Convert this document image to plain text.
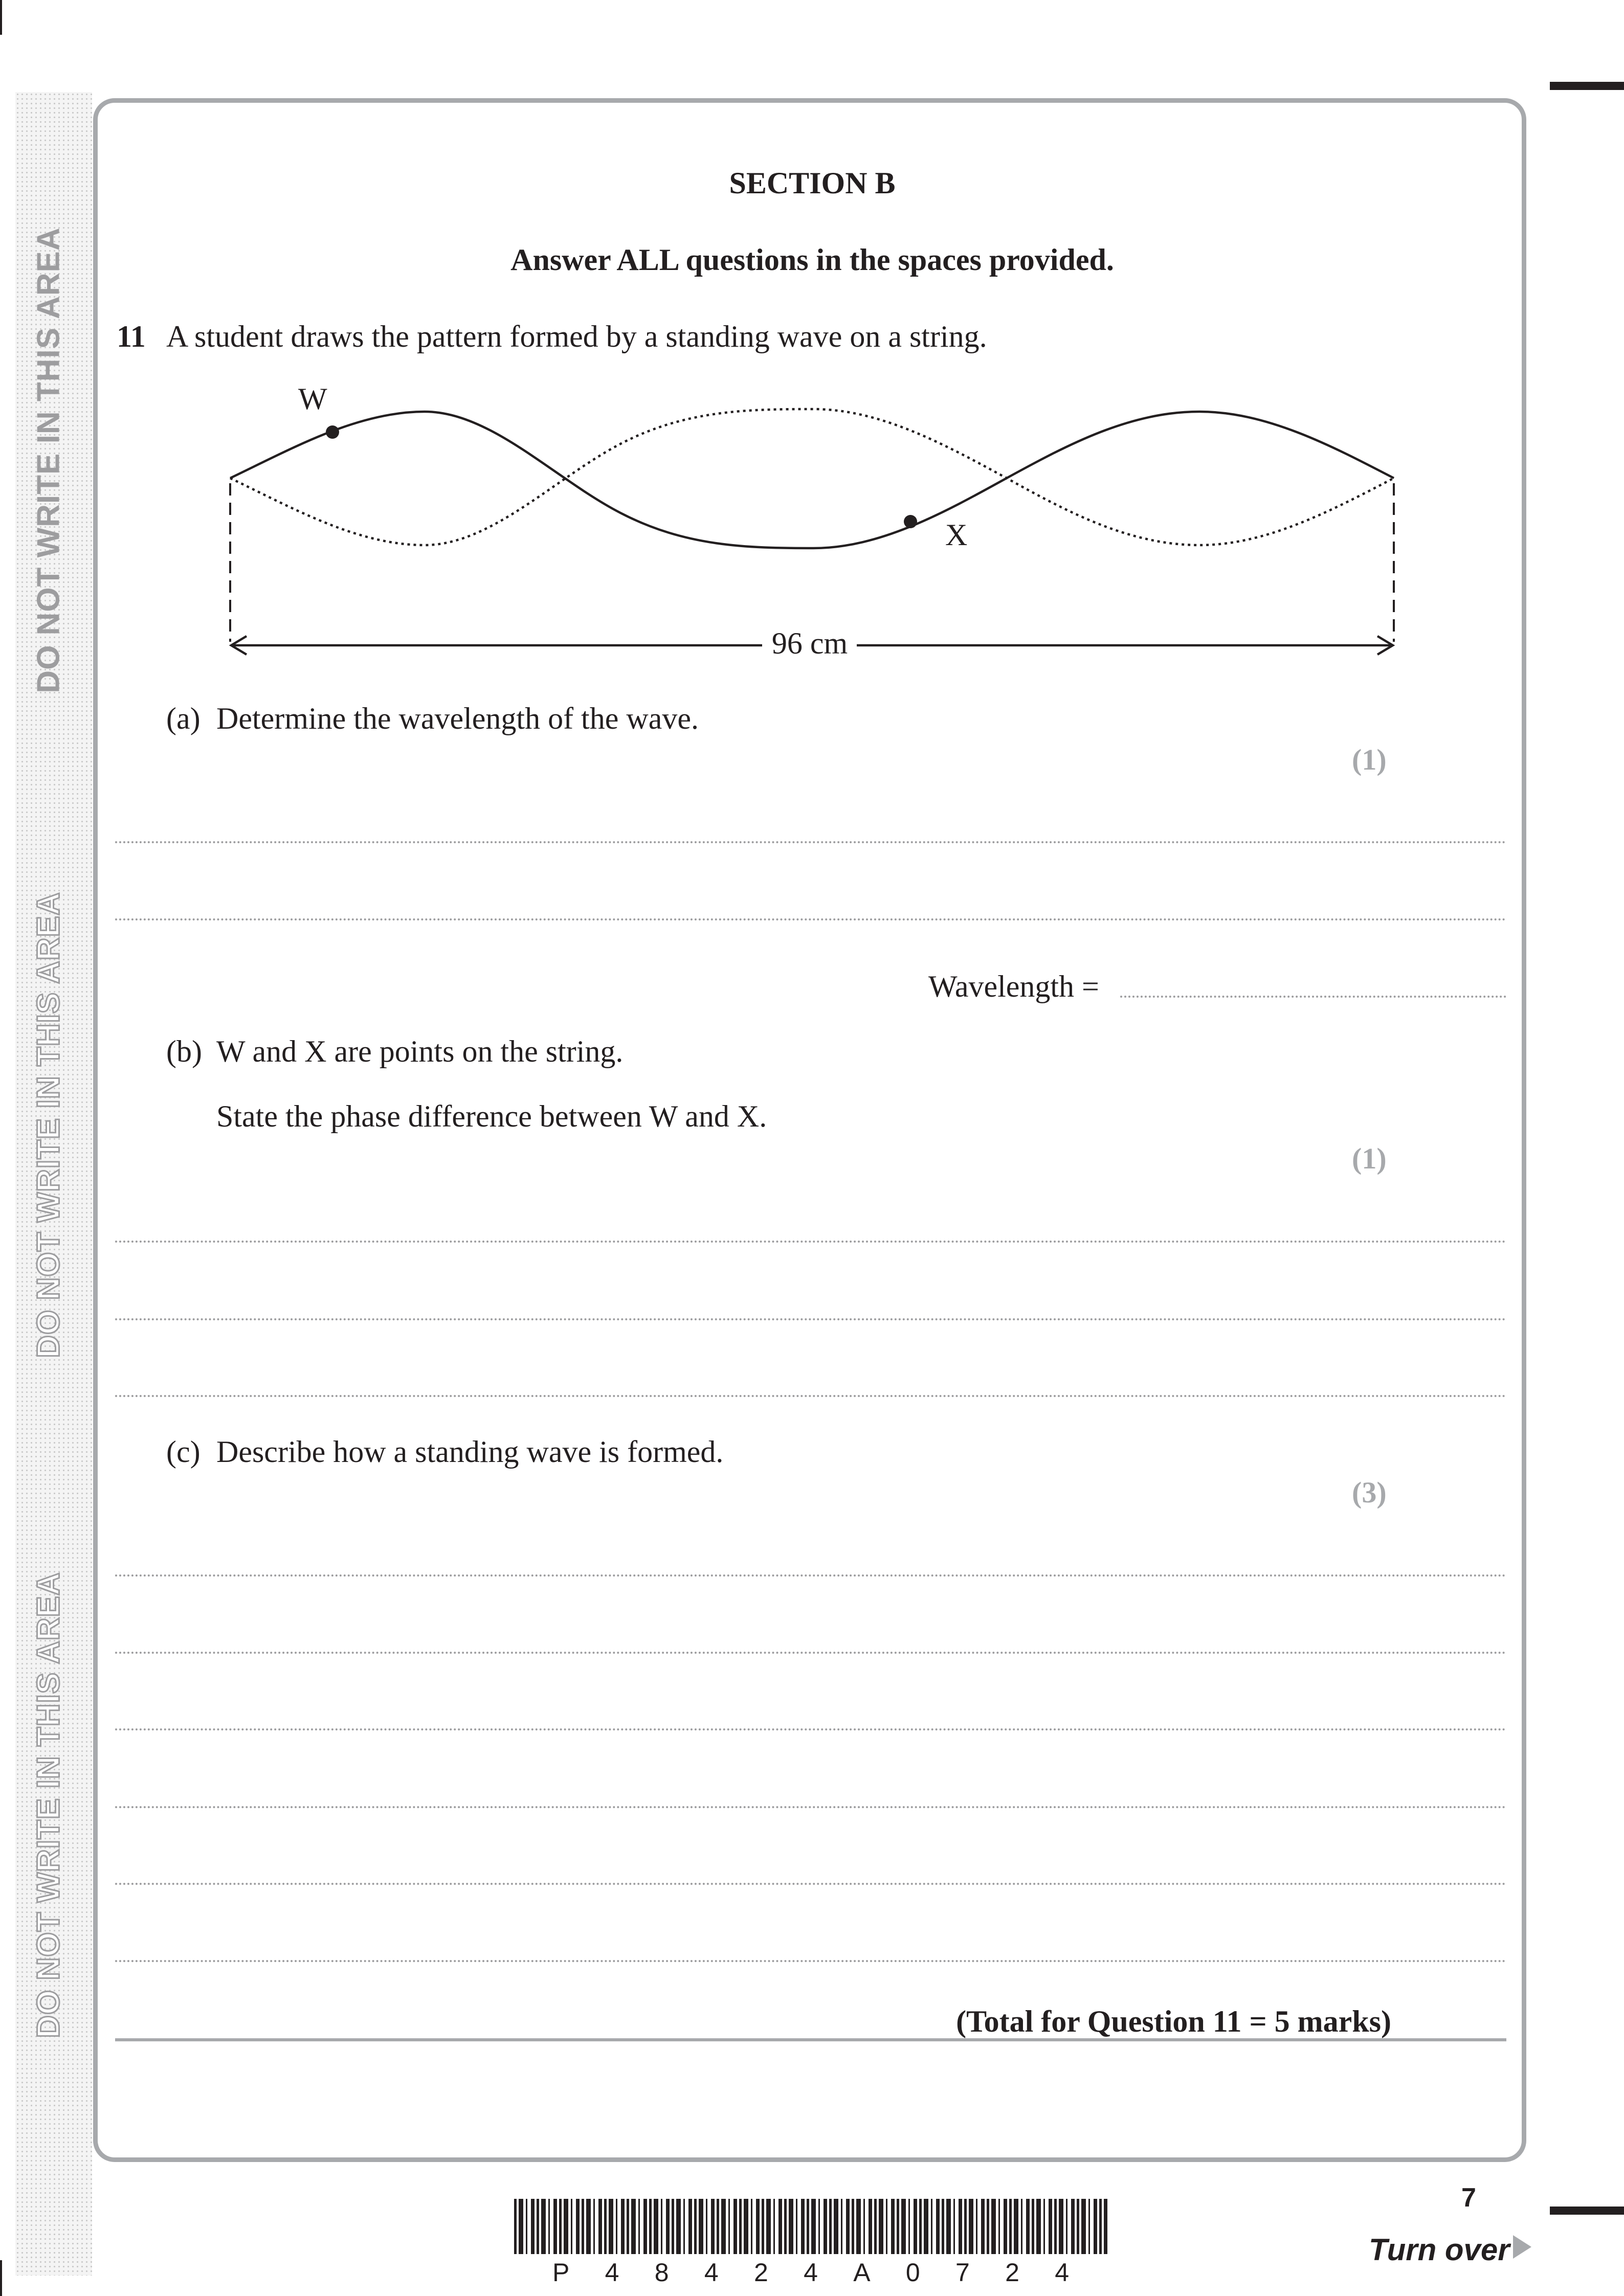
DO NOT WRITE IN THIS AREA
DO NOT WRITE IN THIS AREA
DO NOT WRITE IN THIS AREA
SECTION B
Answer ALL questions in the spaces provided.
11 A student draws the pattern formed by a standing wave on a string.
W
X
96 cm
(a) Determine the wavelength of the wave.
(1)
Wavelength =
(b) W and X are points on the string.
State the phase difference between W and X.
(1)
(c) Describe how a standing wave is formed.
(3)
(Total for Question 11 = 5 marks)
P 4 8 4 2 4 A 0 7 2 4
7
Turn over
